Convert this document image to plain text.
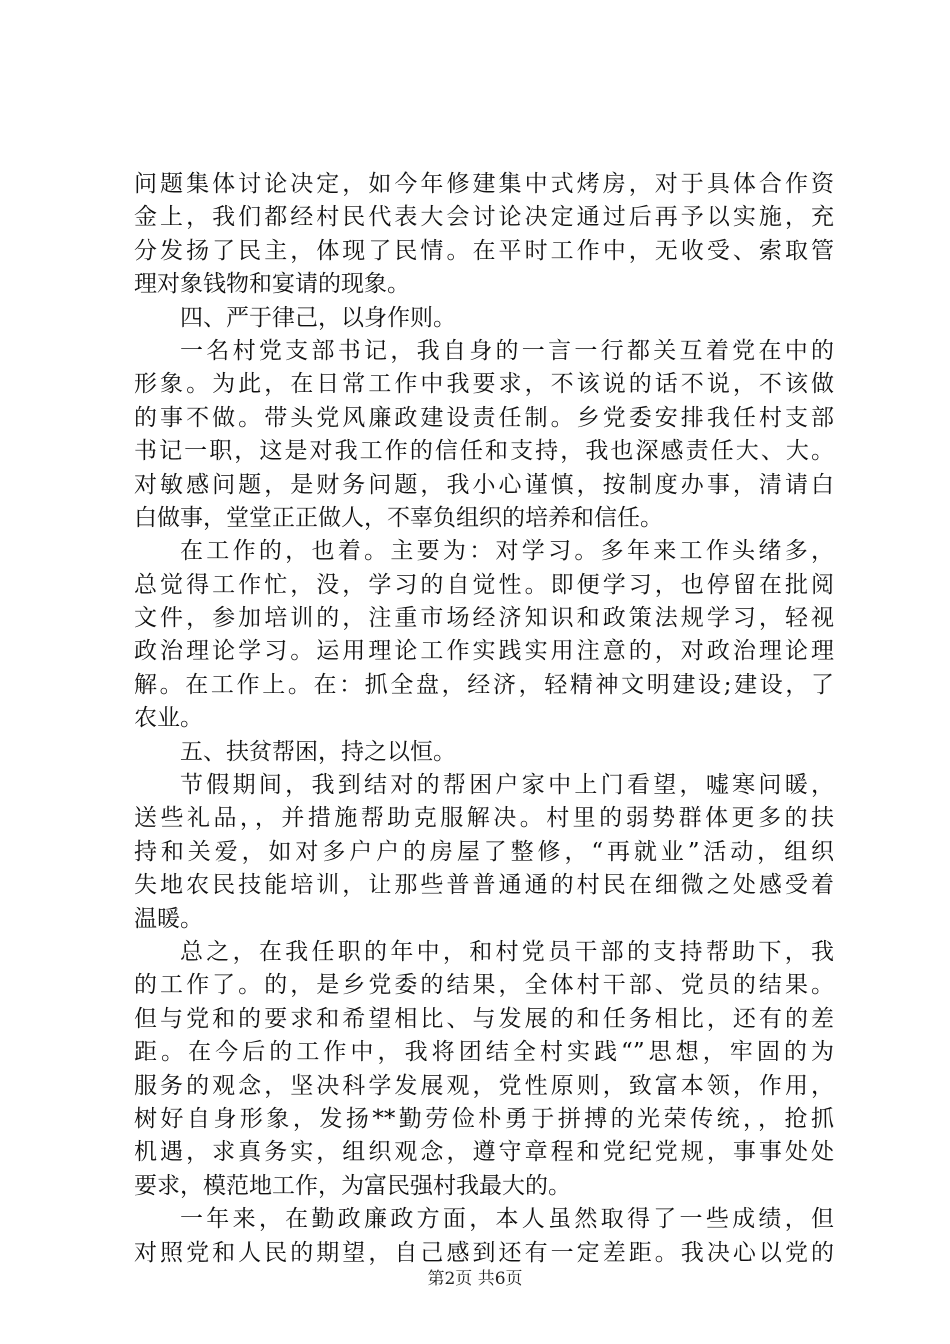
问题集体讨论决定，如今年修建集中式烤房，对于具体合作资
金上，我们都经村民代表大会讨论决定通过后再予以实施，充
分发扬了民主，体现了民情。在平时工作中，无收受、索取管
理对象钱物和宴请的现象。
四、严于律己，以身作则。
一名村党支部书记，我自身的一言一行都关互着党在中的
形象。为此，在日常工作中我要求，不该说的话不说，不该做
的事不做。带头党风廉政建设责任制。乡党委安排我任村支部
书记一职，这是对我工作的信任和支持，我也深感责任大、大。
对敏感问题，是财务问题，我小心谨慎，按制度办事，清请白
白做事，堂堂正正做人，不辜负组织的培养和信任。
在工作的，也着。主要为：对学习。多年来工作头绪多，
总觉得工作忙，没，学习的自觉性。即便学习，也停留在批阅
文件，参加培训的，注重市场经济知识和政策法规学习，轻视
政治理论学习。运用理论工作实践实用注意的，对政治理论理
解。在工作上。在：抓全盘，经济，轻精神文明建设;建设，了
农业。
五、扶贫帮困，持之以恒。
节假期间，我到结对的帮困户家中上门看望，嘘寒问暖，
送些礼品，，并措施帮助克服解决。村里的弱势群体更多的扶
持和关爱，如对多户户的房屋了整修，“再就业”活动，组织
失地农民技能培训，让那些普普通通的村民在细微之处感受着
温暖。
总之，在我任职的年中，和村党员干部的支持帮助下，我
的工作了。的，是乡党委的结果，全体村干部、党员的结果。
但与党和的要求和希望相比、与发展的和任务相比，还有的差
距。在今后的工作中，我将团结全村实践“”思想，牢固的为
服务的观念，坚决科学发展观，党性原则，致富本领，作用，
树好自身形象，发扬**勤劳俭朴勇于拼搏的光荣传统，，抢抓
机遇，求真务实，组织观念，遵守章程和党纪党规，事事处处
要求，模范地工作，为富民强村我最大的。
一年来，在勤政廉政方面，本人虽然取得了一些成绩，但
对照党和人民的期望，自己感到还有一定差距。我决心以党的
第2页 共6页
